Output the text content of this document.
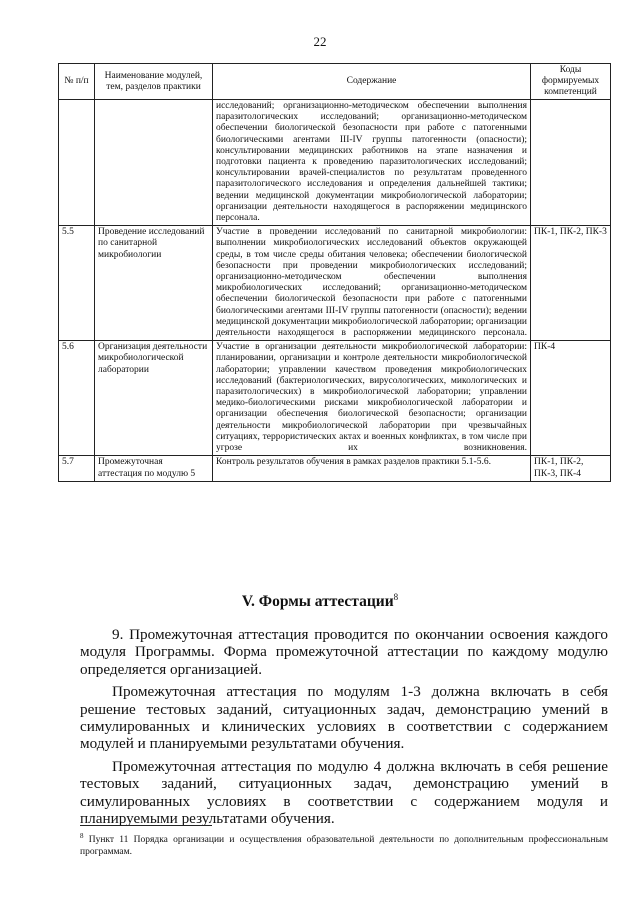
22
№ п/п	Наименование модулей, тем, разделов практики	Содержание	Коды формируемых компетенций
		исследований; организационно-методическом обеспечении выполнения паразитологических исследований; организационно-методическом обеспечении биологической безопасности при работе с патогенными биологическими агентами III-IV группы патогенности (опасности); консультировании медицинских работников на этапе назначения и подготовки пациента к проведению паразитологических исследований; консультировании врачей-специалистов по результатам проведенного паразитологического исследования и определения дальнейшей тактики; ведении медицинской документации микробиологической лаборатории; организации деятельности находящегося в распоряжении медицинского персонала.	
5.5	Проведение исследований по санитарной микробиологии	Участие в проведении исследований по санитарной микробиологии: выполнении микробиологических исследований объектов окружающей среды, в том числе среды обитания человека; обеспечении биологической безопасности при проведении микробиологических исследований; организационно-методическом обеспечении выполнения микробиологических исследований; организационно-методическом обеспечении биологической безопасности при работе с патогенными биологическими агентами III-IV группы патогенности (опасности); ведении медицинской документации микробиологической лаборатории; организации деятельности находящегося в распоряжении медицинского персонала.	ПК-1, ПК-2, ПК-3
5.6	Организация деятельности микробиологической лаборатории	Участие в организации деятельности микробиологической лаборатории: планировании, организации и контроле деятельности микробиологической лаборатории; управлении качеством проведения микробиологических исследований (бактериологических, вирусологических, микологических и паразитологических) в микробиологической лаборатории; управлении медико-биологическими рисками микробиологической лаборатории и организации обеспечения биологической безопасности; организации деятельности микробиологической лаборатории при чрезвычайных ситуациях, террористических актах и военных конфликтах, в том числе при угрозе их возникновения.	ПК-4
5.7	Промежуточная аттестация по модулю 5	Контроль результатов обучения в рамках разделов практики 5.1-5.6.	ПК-1, ПК-2, ПК-3, ПК-4
V. Формы аттестации$^8$

9. Промежуточная аттестация проводится по окончании освоения каждого модуля Программы. Форма промежуточной аттестации по каждому модулю определяется организацией.

Промежуточная аттестация по модулям 1-3 должна включать в себя решение тестовых заданий, ситуационных задач, демонстрацию умений в симулированных и клинических условиях в соответствии с содержанием модулей и планируемыми результатами обучения.

Промежуточная аттестация по модулю 4 должна включать в себя решение тестовых заданий, ситуационных задач, демонстрацию умений в симулированных условиях в соответствии с содержанием модуля и планируемыми результатами обучения.

$^8$ Пункт 11 Порядка организации и осуществления образовательной деятельности по дополнительным профессиональным программам.
